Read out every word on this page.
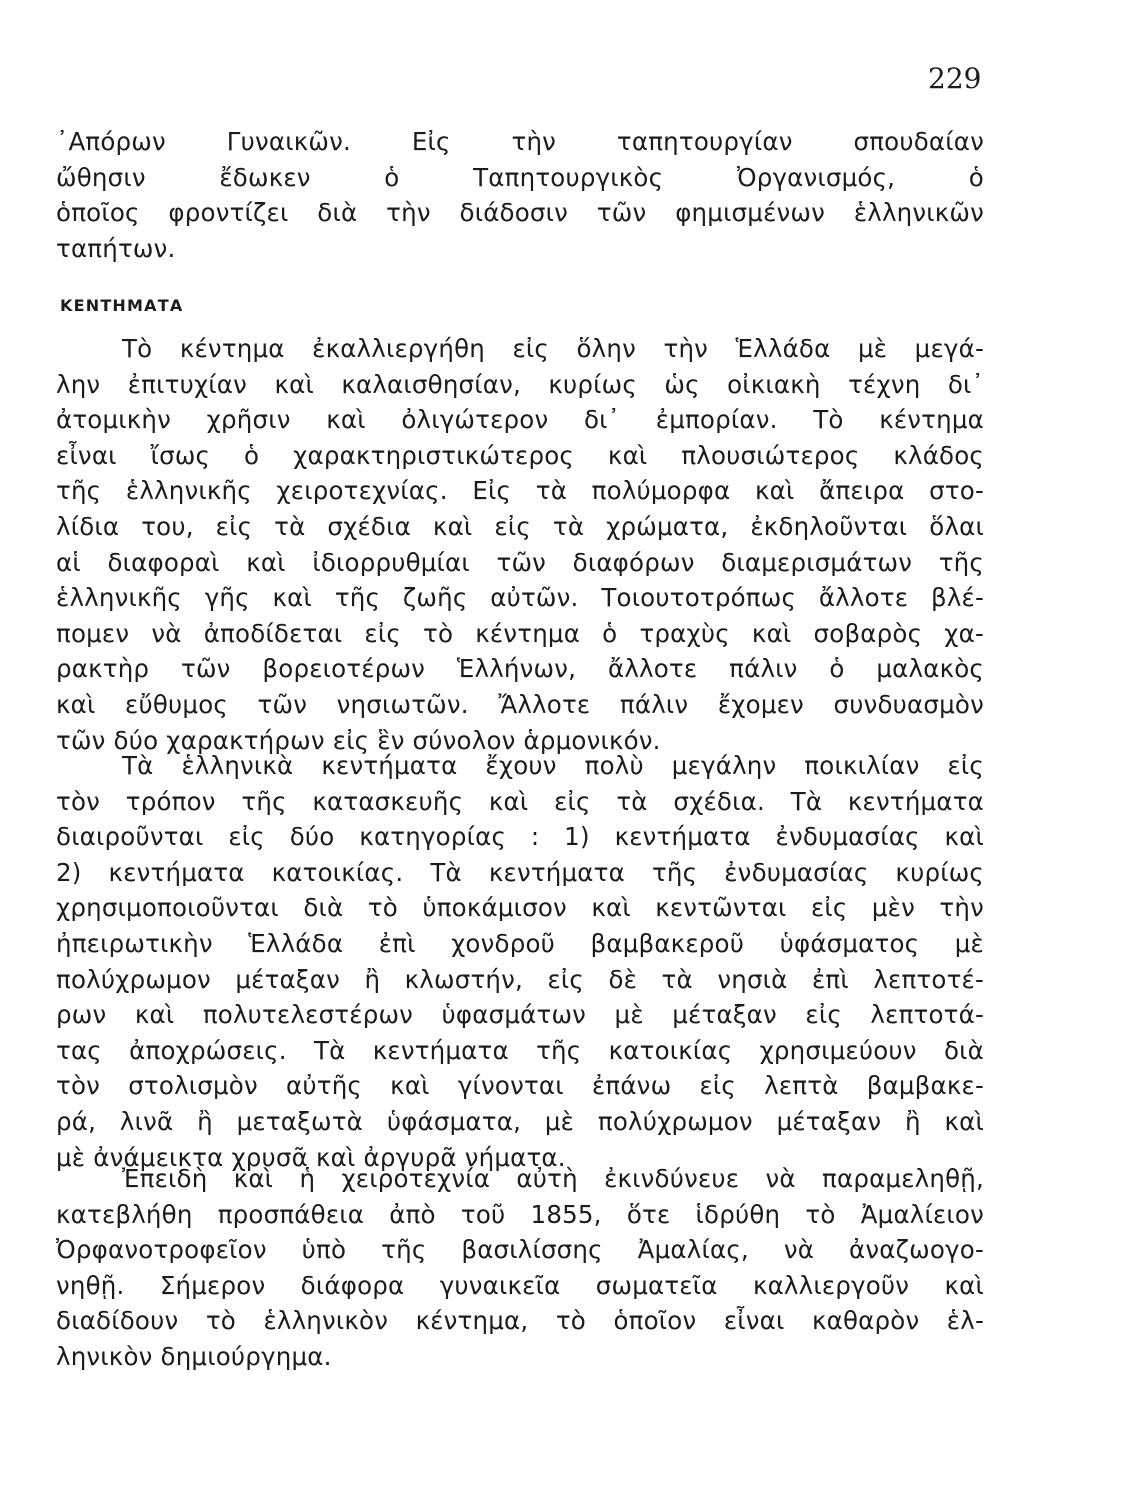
229
᾽Απόρων Γυναικῶν. Εἰς τὴν ταπητουργίαν σπουδαίαν
ὤθησιν ἔδωκεν ὁ Ταπητουργικὸς Ὀργανισμός, ὁ
ὁποῖος φροντίζει διὰ τὴν διάδοσιν τῶν φημισμένων ἑλληνικῶν
ταπήτων.
ΚΕΝΤΗΜΑΤΑ
Τὸ κέντημα ἐκαλλιεργήθη εἰς ὅλην τὴν Ἑλλάδα μὲ μεγά-
λην ἐπιτυχίαν καὶ καλαισθησίαν, κυρίως ὡς οἰκιακὴ τέχνη δι᾽
ἀτομικὴν χρῆσιν καὶ ὀλιγώτερον δι᾽ ἐμπορίαν. Τὸ κέντημα
εἶναι ἴσως ὁ χαρακτηριστικώτερος καὶ πλουσιώτερος κλάδος
τῆς ἑλληνικῆς χειροτεχνίας. Εἰς τὰ πολύμορφα καὶ ἄπειρα στο-
λίδια του, εἰς τὰ σχέδια καὶ εἰς τὰ χρώματα, ἐκδηλοῦνται ὅλαι
αἱ διαφοραὶ καὶ ἰδιορρυθμίαι τῶν διαφόρων διαμερισμάτων τῆς
ἑλληνικῆς γῆς καὶ τῆς ζωῆς αὐτῶν. Τοιουτοτρόπως ἄλλοτε βλέ-
πομεν νὰ ἀποδίδεται εἰς τὸ κέντημα ὁ τραχὺς καὶ σοβαρὸς χα-
ρακτὴρ τῶν βορειοτέρων Ἑλλήνων, ἄλλοτε πάλιν ὁ μαλακὸς
καὶ εὔθυμος τῶν νησιωτῶν. Ἄλλοτε πάλιν ἔχομεν συνδυασμὸν
τῶν δύο χαρακτήρων εἰς ἓν σύνολον ἁρμονικόν.
Τὰ ἑλληνικὰ κεντήματα ἔχουν πολὺ μεγάλην ποικιλίαν εἰς
τὸν τρόπον τῆς κατασκευῆς καὶ εἰς τὰ σχέδια. Τὰ κεντήματα
διαιροῦνται εἰς δύο κατηγορίας : 1) κεντήματα ἐνδυμασίας καὶ
2) κεντήματα κατοικίας. Τὰ κεντήματα τῆς ἐνδυμασίας κυρίως
χρησιμοποιοῦνται διὰ τὸ ὑποκάμισον καὶ κεντῶνται εἰς μὲν τὴν
ἠπειρωτικὴν Ἑλλάδα ἐπὶ χονδροῦ βαμβακεροῦ ὑφάσματος μὲ
πολύχρωμον μέταξαν ἢ κλωστήν, εἰς δὲ τὰ νησιὰ ἐπὶ λεπτοτέ-
ρων καὶ πολυτελεστέρων ὑφασμάτων μὲ μέταξαν εἰς λεπτοτά-
τας ἀποχρώσεις. Τὰ κεντήματα τῆς κατοικίας χρησιμεύουν διὰ
τὸν στολισμὸν αὐτῆς καὶ γίνονται ἐπάνω εἰς λεπτὰ βαμβακε-
ρά, λινᾶ ἢ μεταξωτὰ ὑφάσματα, μὲ πολύχρωμον μέταξαν ἢ καὶ
μὲ ἀνάμεικτα χρυσᾶ καὶ ἀργυρᾶ νήματα.
Ἐπειδὴ καὶ ἡ χειροτεχνία αὐτὴ ἐκινδύνευε νὰ παραμεληθῇ,
κατεβλήθη προσπάθεια ἀπὸ τοῦ 1855, ὅτε ἱδρύθη τὸ Ἀμαλίειον
Ὀρφανοτροφεῖον ὑπὸ τῆς βασιλίσσης Ἀμαλίας, νὰ ἀναζωογο-
νηθῇ. Σήμερον διάφορα γυναικεῖα σωματεῖα καλλιεργοῦν καὶ
διαδίδουν τὸ ἑλληνικὸν κέντημα, τὸ ὁποῖον εἶναι καθαρὸν ἑλ-
ληνικὸν δημιούργημα.
